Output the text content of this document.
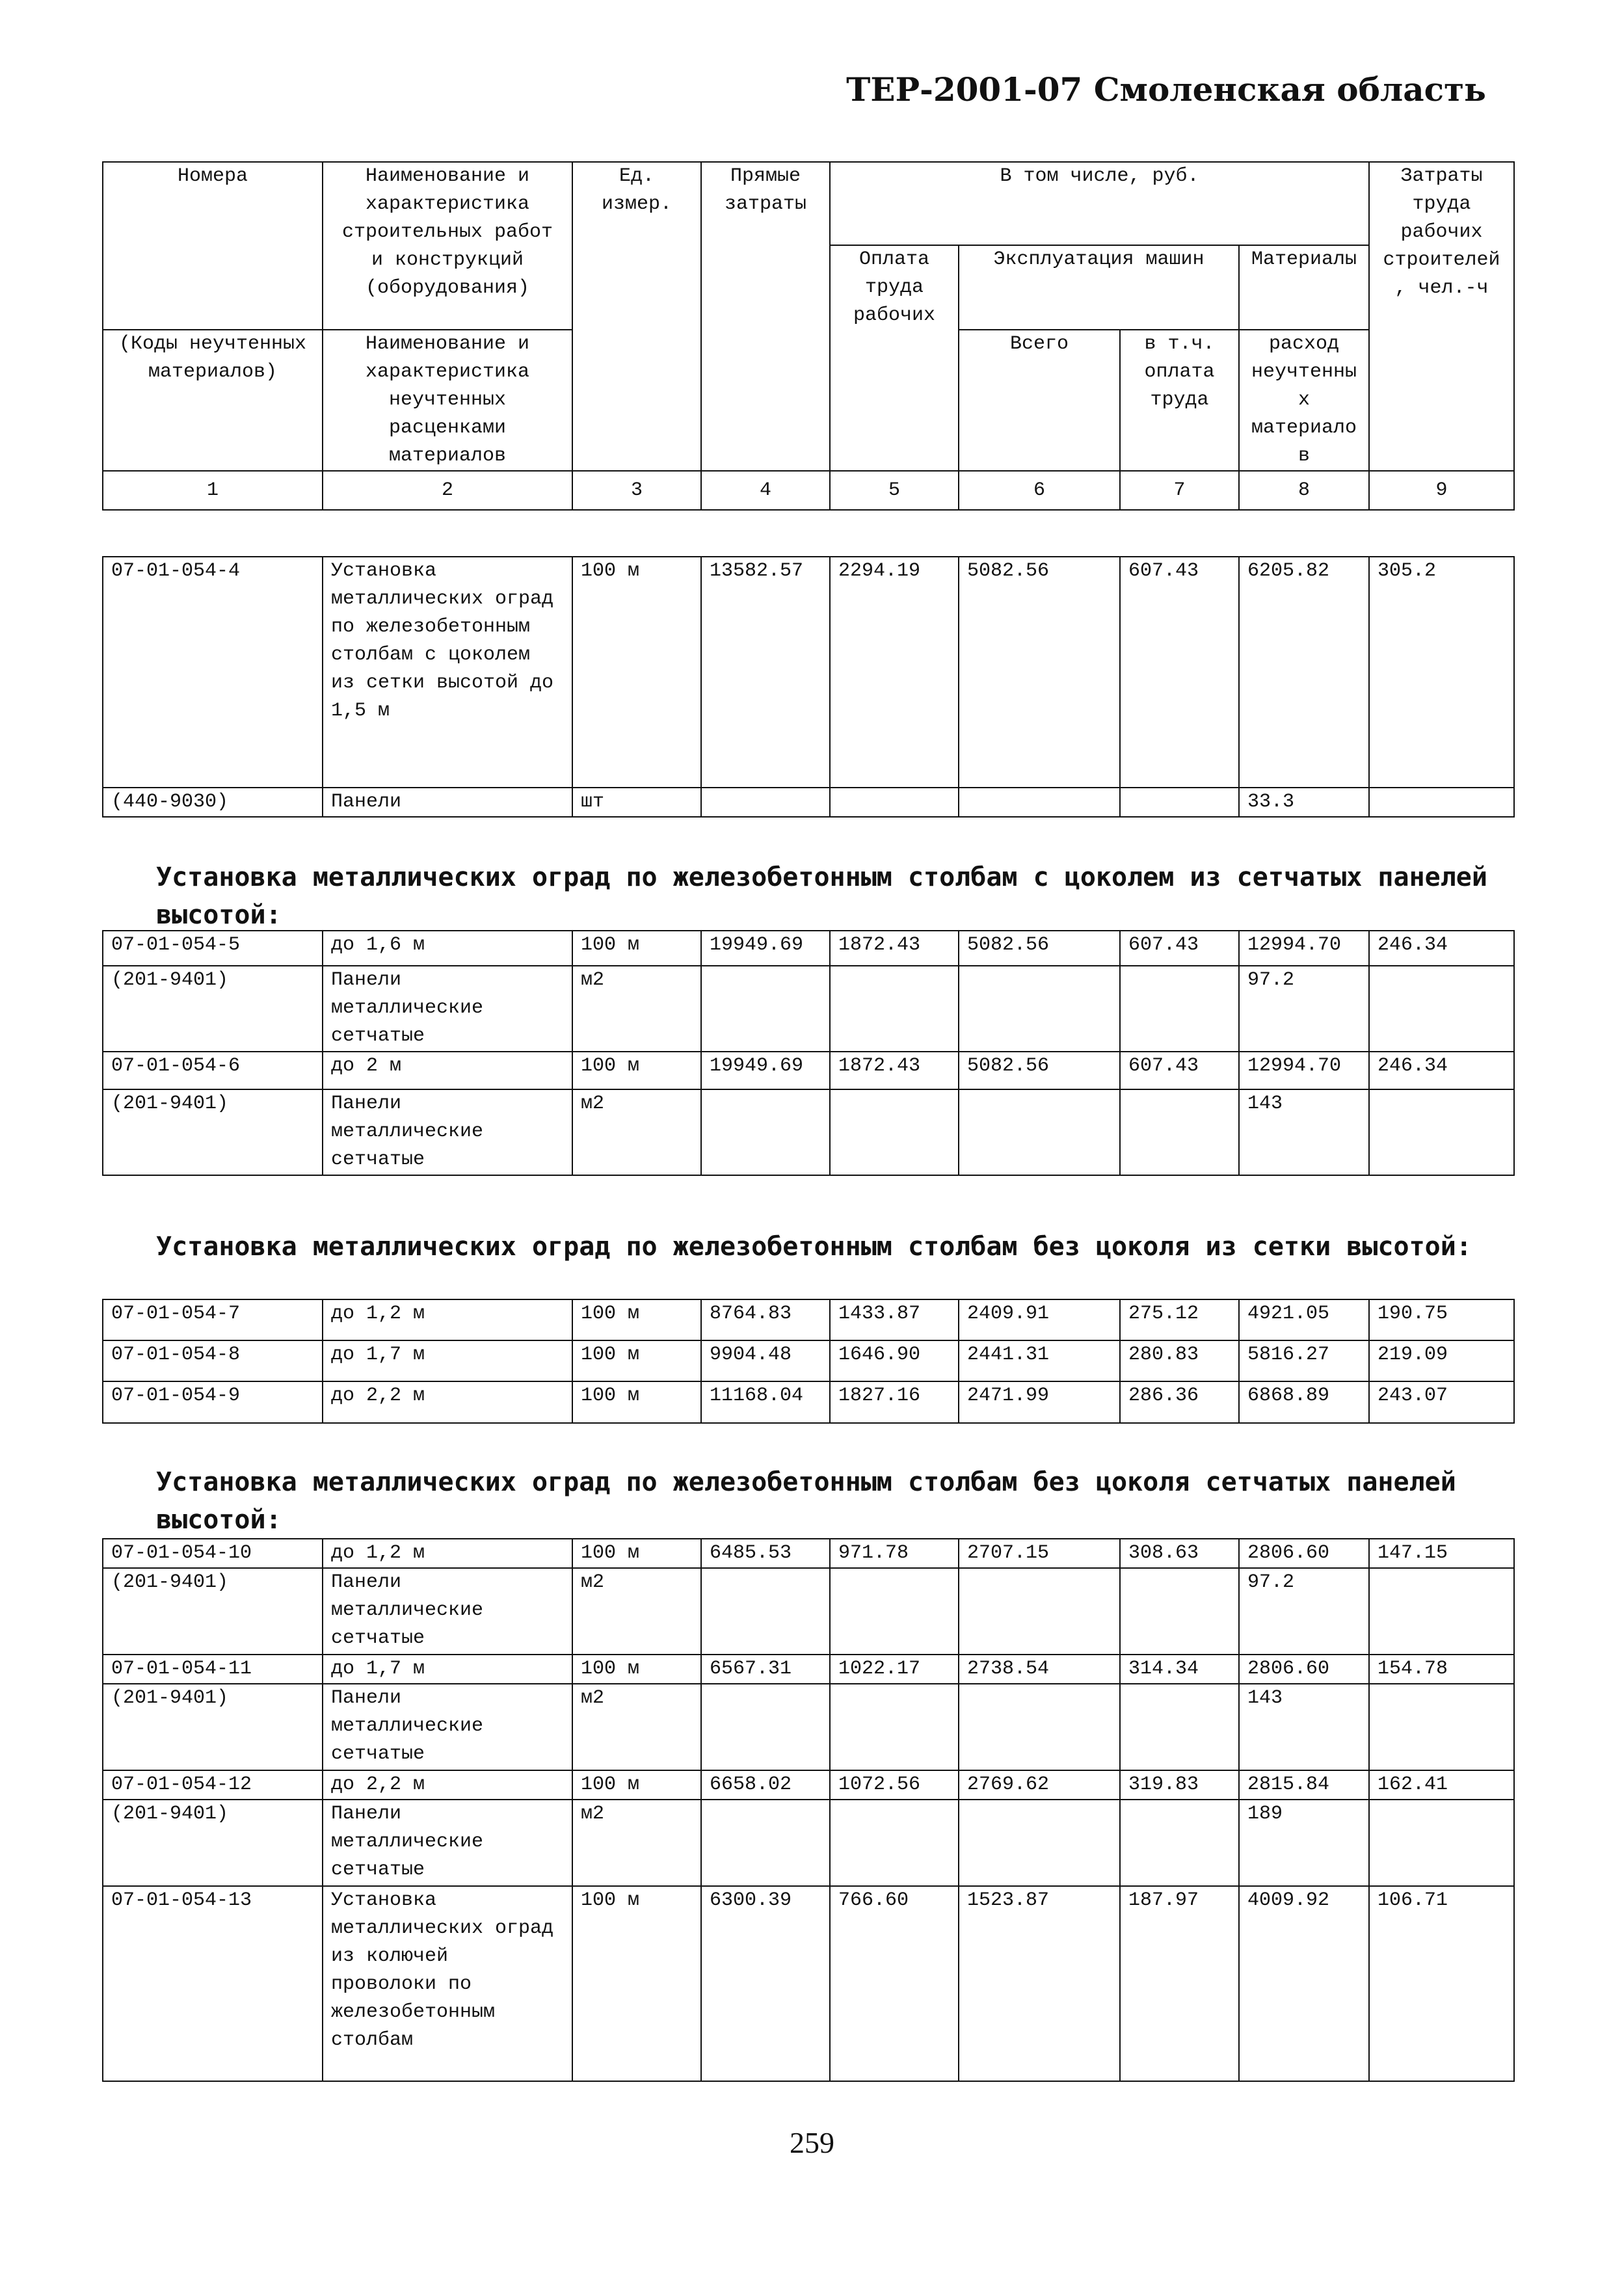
ТЕР-2001-07 Смоленская область
Номера	Наименование и характеристика строительных работ и конструкций (оборудования)	Ед. измер.	Прямые затраты	В том числе, руб.				Затраты труда рабочих строителей, чел.-ч
				Оплата труда рабочих	Эксплуатация машин		Материалы	
(Коды неучтенных материалов)	Наименование и характеристика неучтенных расценками материалов				Всего	в т.ч. оплата труда	расход неучтенных материалов	
1	2	3	4	5	6	7	8	9
07-01-054-4	Установка металлических оград по железобетонным столбам с цоколем из сетки высотой до 1,5 м	100 м	13582.57	2294.19	5082.56	607.43	6205.82	305.2
(440-9030)	Панели	шт					33.3	
Установка металлических оград по железобетонным столбам с цоколем из сетчатых панелей высотой:
07-01-054-5	до 1,6 м	100 м	19949.69	1872.43	5082.56	607.43	12994.70	246.34
(201-9401)	Панели металлические сетчатые	м2					97.2	
07-01-054-6	до 2 м	100 м	19949.69	1872.43	5082.56	607.43	12994.70	246.34
(201-9401)	Панели металлические сетчатые	м2					143	
Установка металлических оград по железобетонным столбам без цоколя из сетки высотой:
07-01-054-7	до 1,2 м	100 м	8764.83	1433.87	2409.91	275.12	4921.05	190.75
07-01-054-8	до 1,7 м	100 м	9904.48	1646.90	2441.31	280.83	5816.27	219.09
07-01-054-9	до 2,2 м	100 м	11168.04	1827.16	2471.99	286.36	6868.89	243.07
Установка металлических оград по железобетонным столбам без цоколя сетчатых панелей высотой:
07-01-054-10	до 1,2 м	100 м	6485.53	971.78	2707.15	308.63	2806.60	147.15
(201-9401)	Панели металлические сетчатые	м2					97.2	
07-01-054-11	до 1,7 м	100 м	6567.31	1022.17	2738.54	314.34	2806.60	154.78
(201-9401)	Панели металлические сетчатые	м2					143	
07-01-054-12	до 2,2 м	100 м	6658.02	1072.56	2769.62	319.83	2815.84	162.41
(201-9401)	Панели металлические сетчатые	м2					189	
07-01-054-13	Установка металлических оград из колючей проволоки по железобетонным столбам	100 м	6300.39	766.60	1523.87	187.97	4009.92	106.71
259
